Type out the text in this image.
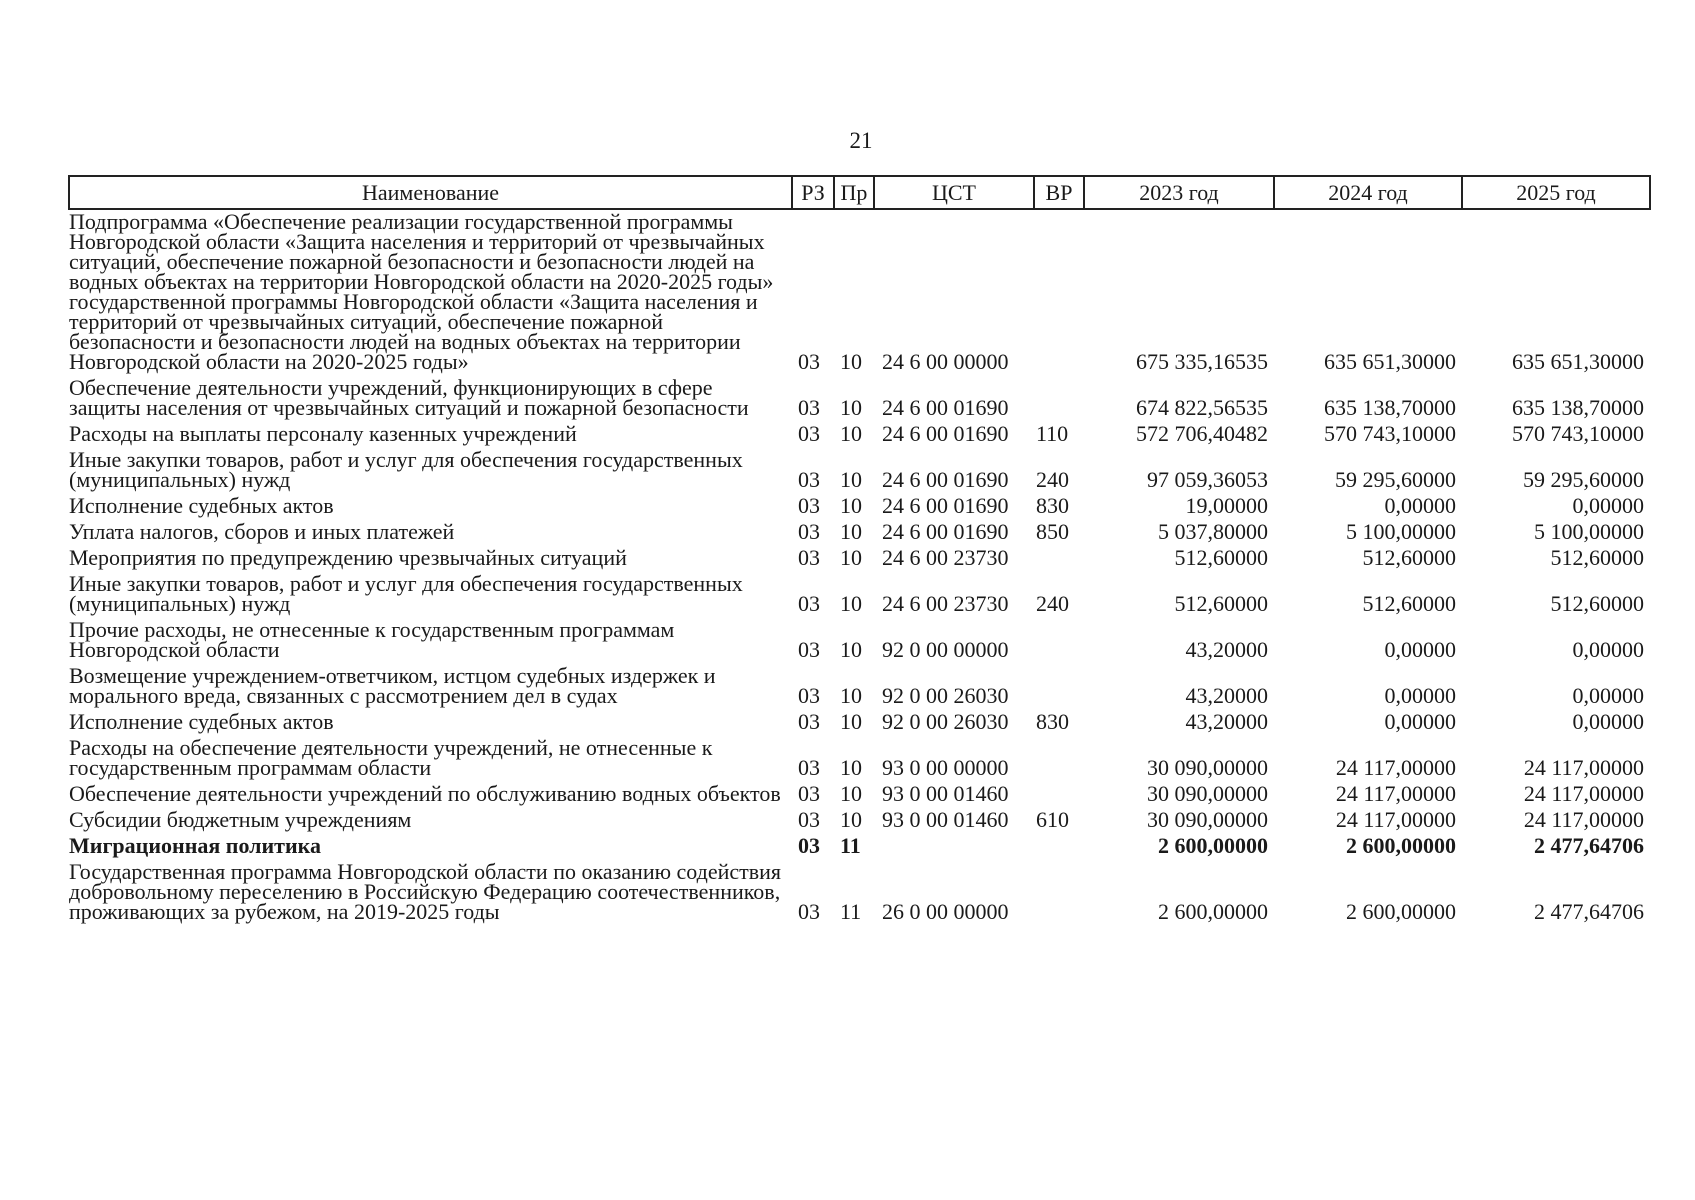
21
Наименование	РЗ	Пр	ЦСТ	ВР	2023 год	2024 год	2025 год
Подпрограмма «Обеспечение реализации государственной программы Новгородской области «Защита населения и территорий от чрезвычайных ситуаций, обеспечение пожарной безопасности и безопасности людей на водных объектах на территории Новгородской области на 2020-2025 годы» государственной программы Новгородской области «Защита населения и территорий от чрезвычайных ситуаций, обеспечение пожарной безопасности и безопасности людей на водных объектах на территории Новгородской области на 2020-2025 годы»	03	10	24 6 00 00000		675 335,16535	635 651,30000	635 651,30000
Обеспечение деятельности учреждений, функционирующих в сфере защиты населения от чрезвычайных ситуаций и пожарной безопасности	03	10	24 6 00 01690		674 822,56535	635 138,70000	635 138,70000
Расходы на выплаты персоналу казенных учреждений	03	10	24 6 00 01690	110	572 706,40482	570 743,10000	570 743,10000
Иные закупки товаров, работ и услуг для обеспечения государственных (муниципальных) нужд	03	10	24 6 00 01690	240	97 059,36053	59 295,60000	59 295,60000
Исполнение судебных актов	03	10	24 6 00 01690	830	19,00000	0,00000	0,00000
Уплата налогов, сборов и иных платежей	03	10	24 6 00 01690	850	5 037,80000	5 100,00000	5 100,00000
Мероприятия по предупреждению чрезвычайных ситуаций	03	10	24 6 00 23730		512,60000	512,60000	512,60000
Иные закупки товаров, работ и услуг для обеспечения государственных (муниципальных) нужд	03	10	24 6 00 23730	240	512,60000	512,60000	512,60000
Прочие расходы, не отнесенные к государственным программам Новгородской области	03	10	92 0 00 00000		43,20000	0,00000	0,00000
Возмещение учреждением-ответчиком, истцом судебных издержек и морального вреда, связанных с рассмотрением дел в судах	03	10	92 0 00 26030		43,20000	0,00000	0,00000
Исполнение судебных актов	03	10	92 0 00 26030	830	43,20000	0,00000	0,00000
Расходы на обеспечение деятельности учреждений, не отнесенные к государственным программам области	03	10	93 0 00 00000		30 090,00000	24 117,00000	24 117,00000
Обеспечение деятельности учреждений по обслуживанию водных объектов	03	10	93 0 00 01460		30 090,00000	24 117,00000	24 117,00000
Субсидии бюджетным учреждениям	03	10	93 0 00 01460	610	30 090,00000	24 117,00000	24 117,00000
Миграционная политика	03	11			2 600,00000	2 600,00000	2 477,64706
Государственная программа Новгородской области по оказанию содействия добровольному переселению в Российскую Федерацию соотечественников, проживающих за рубежом, на 2019-2025 годы	03	11	26 0 00 00000		2 600,00000	2 600,00000	2 477,64706
